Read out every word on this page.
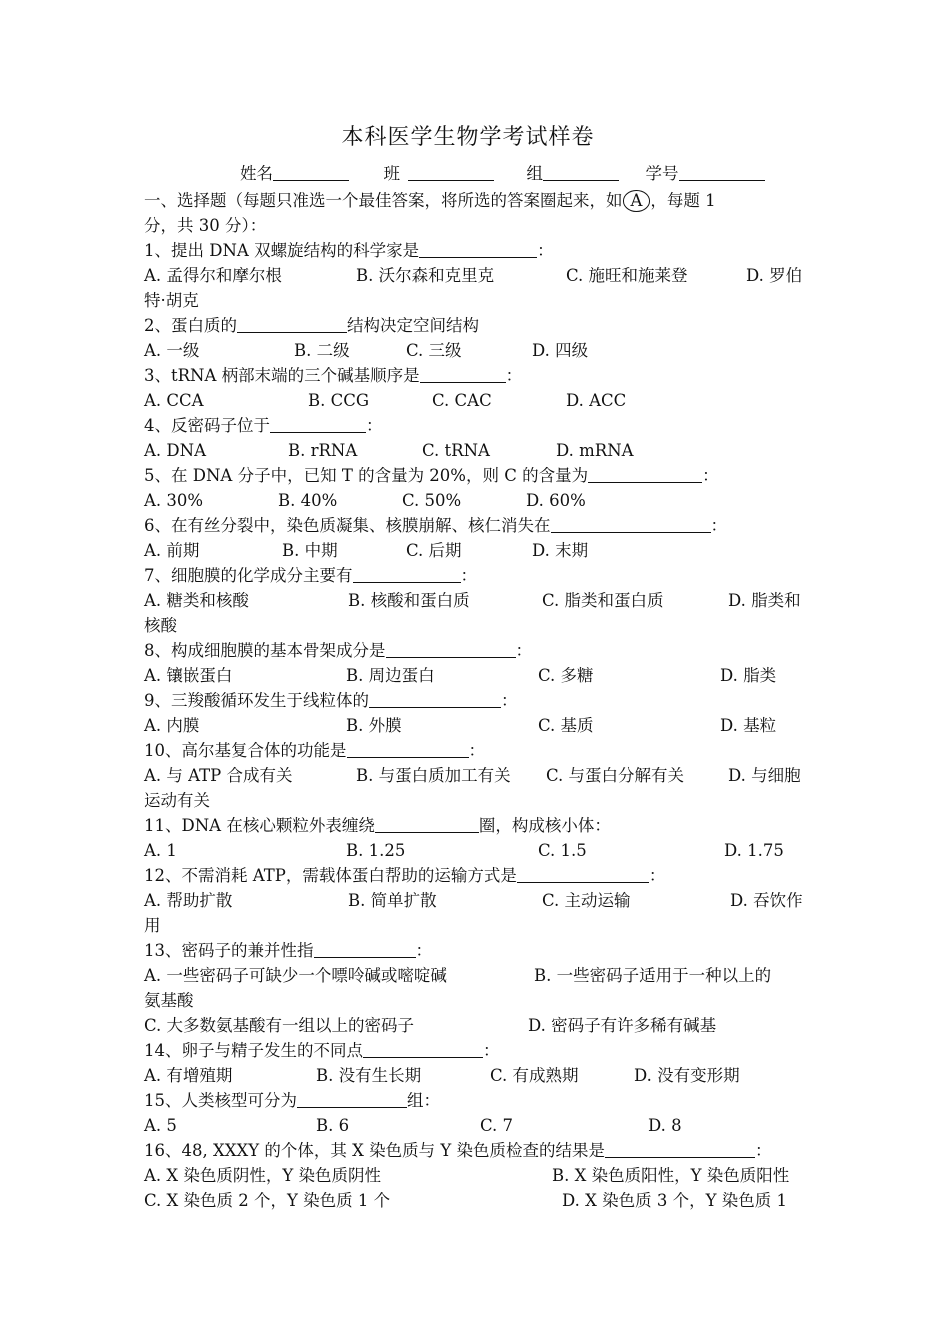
本科医学生物学考试样卷
姓名	班	组	学号
一、选择题（每题只准选一个最佳答案，将所选的答案圈起来，如 A ，每题 1
分，共 30 分）：
1、提出 DNA 双螺旋结构的科学家是	：
A. 孟得尔和摩尔根	B. 沃尔森和克里克	C. 施旺和施莱登	D. 罗伯
特·胡克
2、蛋白质的	结构决定空间结构
A. 一级	B. 二级	C. 三级	D. 四级
3、tRNA 柄部末端的三个碱基顺序是	：
A. CCA	B. CCG	C. CAC	D. ACC
4、反密码子位于	：
A. DNA	B. rRNA	C. tRNA	D. mRNA
5、在 DNA 分子中，已知 T 的含量为 20%，则 C 的含量为	：
A. 30%	B. 40%	C. 50%	D. 60%
6、在有丝分裂中，染色质凝集、核膜崩解、核仁消失在	：
A. 前期	B. 中期	C. 后期	D. 末期
7、细胞膜的化学成分主要有	：
A. 糖类和核酸	B. 核酸和蛋白质	C. 脂类和蛋白质	D. 脂类和
核酸
8、构成细胞膜的基本骨架成分是	：
A. 镶嵌蛋白	B. 周边蛋白	C. 多糖	D. 脂类
9、三羧酸循环发生于线粒体的	：
A. 内膜	B. 外膜	C. 基质	D. 基粒
10、高尔基复合体的功能是	：
A. 与 ATP 合成有关	B. 与蛋白质加工有关 C. 与蛋白分解有关	D. 与细胞
运动有关
11、DNA 在核心颗粒外表缠绕	圈，构成核小体：
A. 1	B. 1.25	C. 1.5	D. 1.75
12、不需消耗 ATP，需载体蛋白帮助的运输方式是	：
A. 帮助扩散	B. 简单扩散	C. 主动运输	D. 吞饮作
用
13、密码子的兼并性指	：
A. 一些密码子可缺少一个嘌呤碱或嘧啶碱	B. 一些密码子适用于一种以上的
氨基酸
C. 大多数氨基酸有一组以上的密码子	D. 密码子有许多稀有碱基
14、卵子与精子发生的不同点	：
A. 有增殖期	B. 没有生长期	C. 有成熟期	D. 没有变形期
15、人类核型可分为	组：
A. 5	B. 6	C. 7	D. 8
16、48, XXXY 的个体，其 X 染色质与 Y 染色质检查的结果是	：
A. X 染色质阴性，Y 染色质阴性	B. X 染色质阳性，Y 染色质阳性
C. X 染色质 2 个，Y 染色质 1 个	D. X 染色质 3 个，Y 染色质 1
